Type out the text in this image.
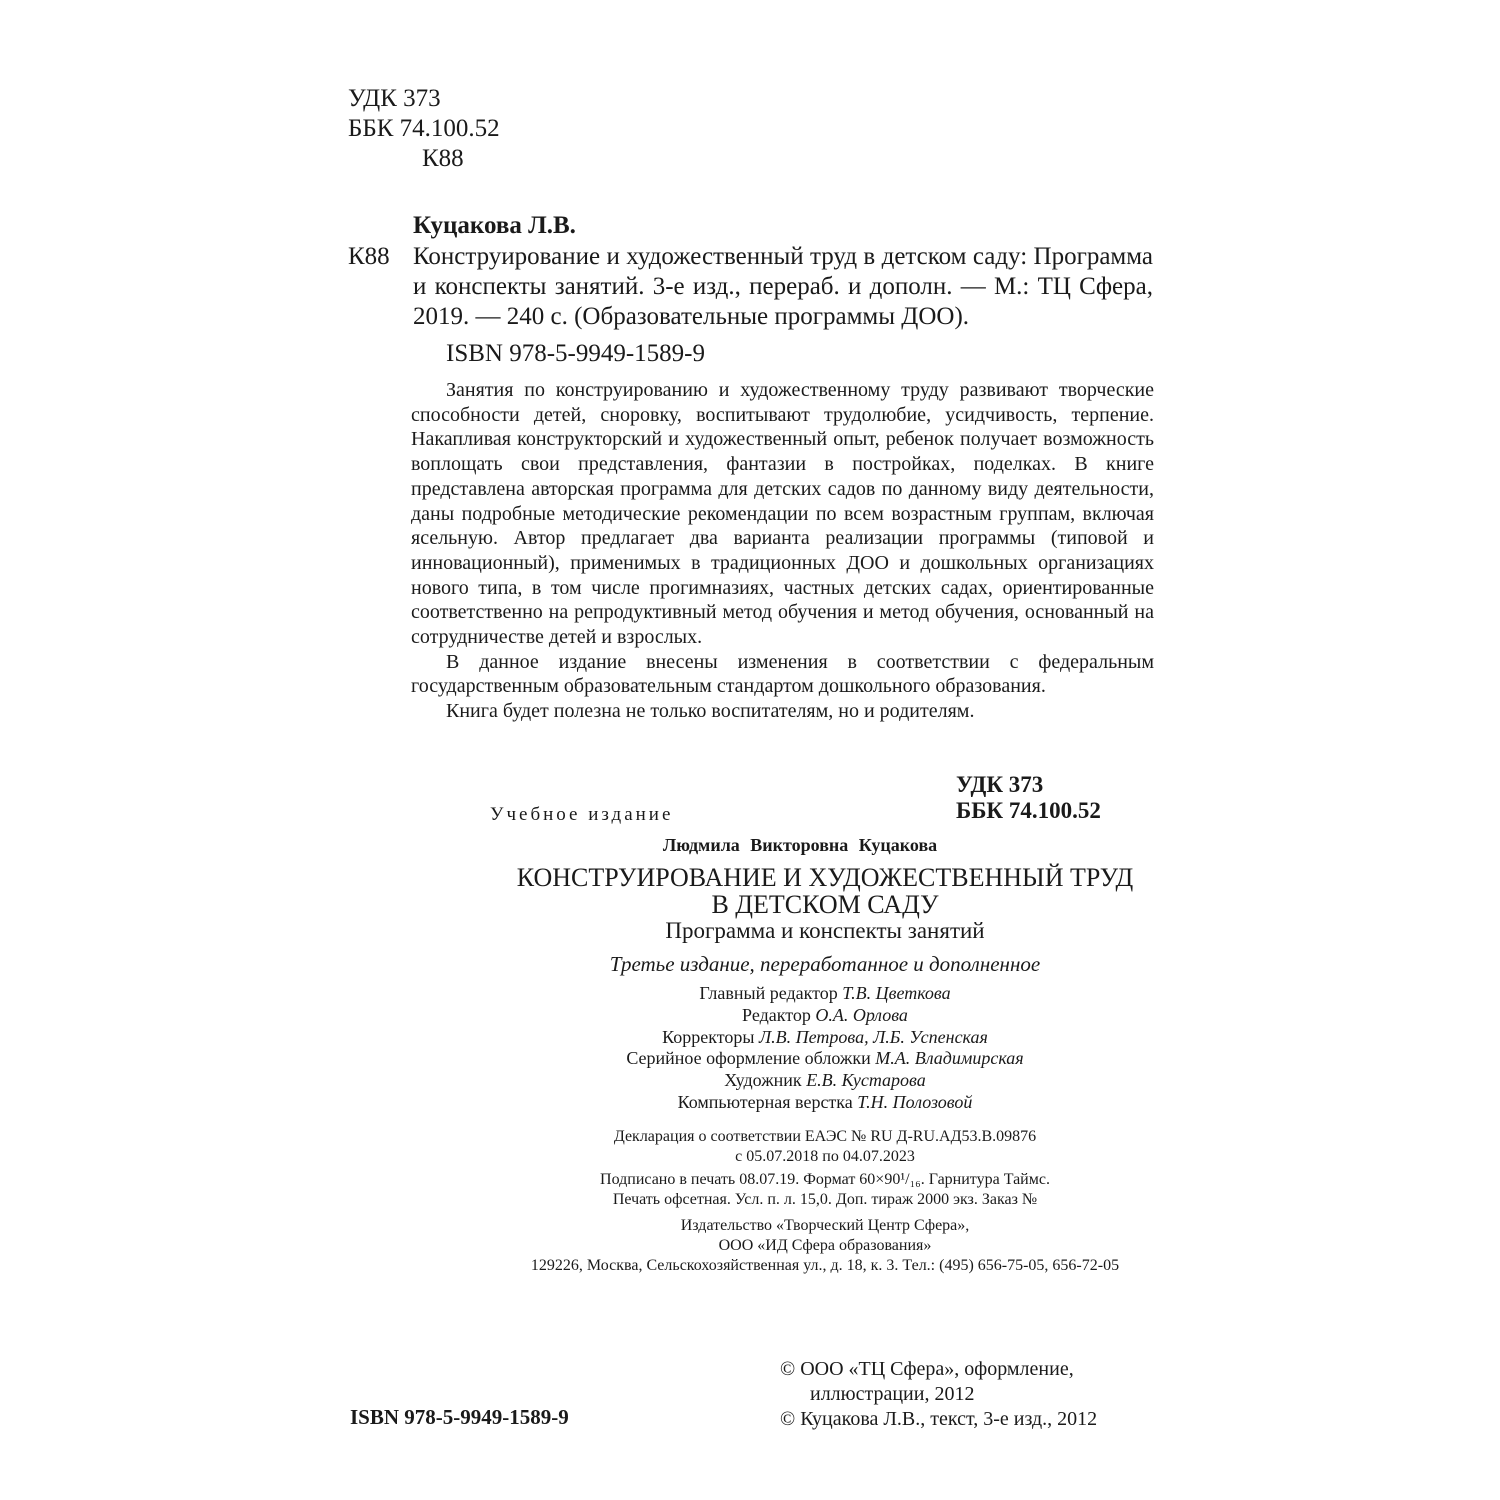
УДК 373
ББК 74.100.52
К88
Куцакова Л.В.
К88 Конструирование и художественный труд в детском саду: Программа и конспекты занятий. 3-е изд., перераб. и дополн. — М.: ТЦ Сфера, 2019. — 240 с. (Образовательные программы ДОО).
ISBN 978-5-9949-1589-9

Занятия по конструированию и художественному труду развивают творческие способности детей, сноровку, воспитывают трудолюбие, усидчивость, терпение. Накапливая конструкторский и художественный опыт, ребенок получает возможность воплощать свои представления, фантазии в постройках, поделках. В книге представлена авторская программа для детских садов по данному виду деятельности, даны подробные методические рекомендации по всем возрастным группам, включая ясельную. Автор предлагает два варианта реализации программы (типовой и инновационный), применимых в традиционных ДОО и дошкольных организациях нового типа, в том числе прогимназиях, частных детских садах, ориентированные соответственно на репродуктивный метод обучения и метод обучения, основанный на сотрудничестве детей и взрослых.

В данное издание внесены изменения в соответствии с федеральным государственным образовательным стандартом дошкольного образования.

Книга будет полезна не только воспитателям, но и родителям.

УДК 373
ББК 74.100.52
Учебное издание
Людмила Викторовна Куцакова
КОНСТРУИРОВАНИЕ И ХУДОЖЕСТВЕННЫЙ ТРУД
В ДЕТСКОМ САДУ
Программа и конспекты занятий
Третье издание, переработанное и дополненное
Главный редактор Т.В. Цветкова
Редактор О.А. Орлова
Корректоры Л.В. Петрова, Л.Б. Успенская
Серийное оформление обложки М.А. Владимирская
Художник Е.В. Кустарова
Компьютерная верстка Т.Н. Полозовой
Декларация о соответствии ЕАЭС № RU Д-RU.АД53.В.09876
с 05.07.2018 по 04.07.2023
Подписано в печать 08.07.19. Формат 60×90¹/₁₆. Гарнитура Таймс.
Печать офсетная. Усл. п. л. 15,0. Доп. тираж 2000 экз. Заказ №
Издательство «Творческий Центр Сфера»,
ООО «ИД Сфера образования»
129226, Москва, Сельскохозяйственная ул., д. 18, к. 3. Тел.: (495) 656-75-05, 656-72-05
© ООО «ТЦ Сфера», оформление,
иллюстрации, 2012
© Куцакова Л.В., текст, 3-е изд., 2012
ISBN 978-5-9949-1589-9
